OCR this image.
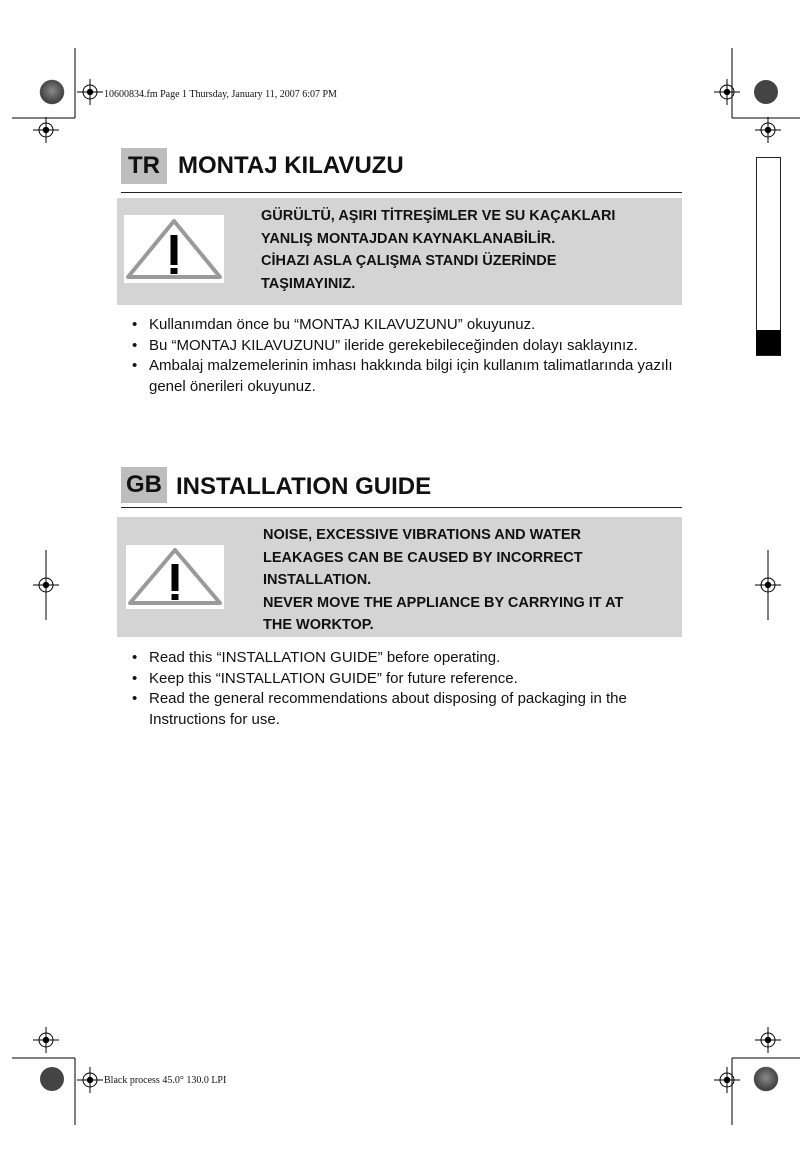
10600834.fm Page 1 Thursday, January 11, 2007 6:07 PM
TR MONTAJ KILAVUZU
GÜRÜLTÜ, AŞIRI TİTREŞİMLER VE SU KAÇAKLARI
YANLIŞ MONTAJDAN KAYNAKLANABİLİR.
CİHAZI ASLA ÇALIŞMA STANDI ÜZERİNDE
TAŞIMAYINIZ.
• Kullanımdan önce bu “MONTAJ KILAVUZUNU” okuyunuz.
• Bu “MONTAJ KILAVUZUNU” ileride gerekebileceğinden dolayı saklayınız.
• Ambalaj malzemelerinin imhası hakkında bilgi için kullanım talimatlarında yazılı genel önerileri okuyunuz.
GB INSTALLATION GUIDE
NOISE, EXCESSIVE VIBRATIONS AND WATER
LEAKAGES CAN BE CAUSED BY INCORRECT
INSTALLATION.
NEVER MOVE THE APPLIANCE BY CARRYING IT AT
THE WORKTOP.
• Read this “INSTALLATION GUIDE” before operating.
• Keep this “INSTALLATION GUIDE” for future reference.
• Read the general recommendations about disposing of packaging in the Instructions for use.
Black process 45.0° 130.0 LPI
